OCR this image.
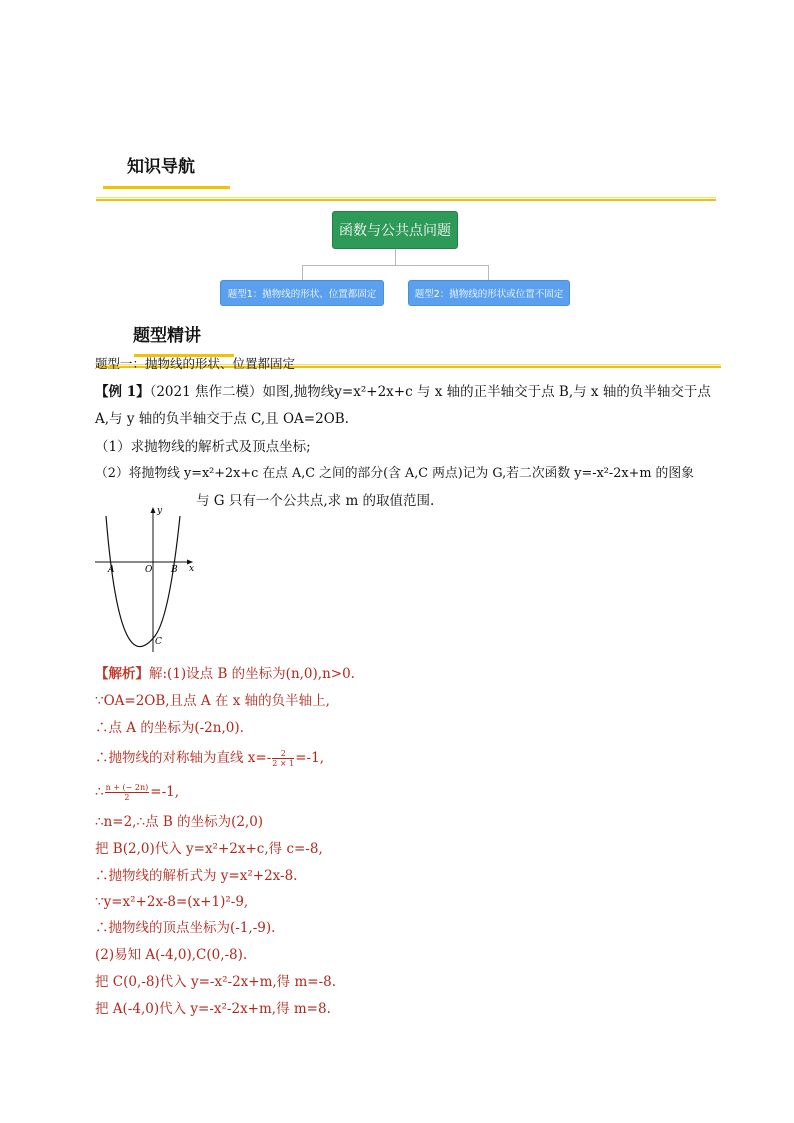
知识导航
函数与公共点问题
题型1：抛物线的形状、位置都固定	题型2：抛物线的形状或位置不固定
题型精讲
题型一：抛物线的形状、位置都固定
【例 1】（2021 焦作二模）如图,抛物线y=x²+2x+c 与 x 轴的正半轴交于点 B,与 x 轴的负半轴交于点
A,与 y 轴的负半轴交于点 C,且 OA=2OB.
（1）求抛物线的解析式及顶点坐标;
（2）将抛物线 y=x²+2x+c 在点 A,C 之间的部分(含 A,C 两点)记为 G,若二次函数 y=-x²-2x+m 的图象
与 G 只有一个公共点,求 m 的取值范围.
x
y
A	O B
C
【解析】解:(1)设点 B 的坐标为(n,0),n>0.
∵OA=2OB,且点 A 在 x 轴的负半轴上,
∴点 A 的坐标为(-2n,0).
∴抛物线的对称轴为直线 $x=- \frac{2}{2 \times 1} =-1$,
∴ $\frac{n + (- 2n)}{2} =-1$,
∴n=2,∴点 B 的坐标为(2,0)
把 B(2,0)代入 y=x²+2x+c,得 c=-8,
∴抛物线的解析式为 y=x²+2x-8.
∵y=x²+2x-8=(x+1)²-9,
∴抛物线的顶点坐标为(-1,-9).
(2)易知 A(-4,0),C(0,-8).
把 C(0,-8)代入 y=-x²-2x+m,得 m=-8.
把 A(-4,0)代入 y=-x²-2x+m,得 m=8.
